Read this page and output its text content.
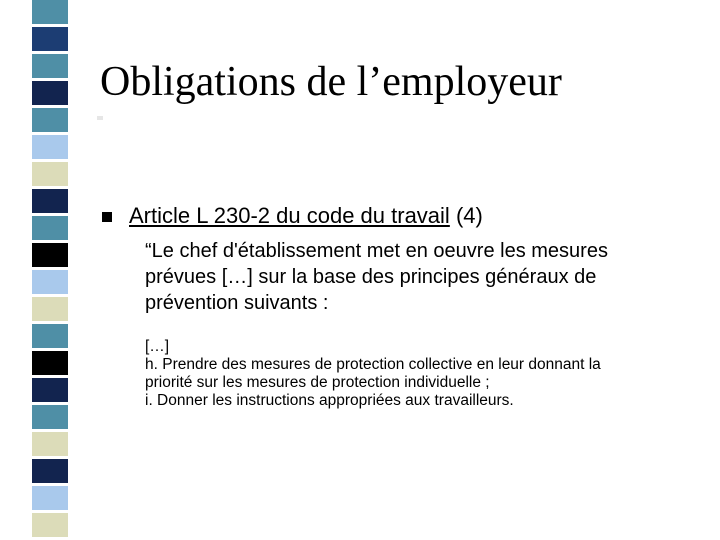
Obligations de l’employeur
Article L 230-2 du code du travail (4)
“Le chef d'établissement met en oeuvre les mesures
prévues […] sur la base des principes généraux de
prévention suivants :
[…]
h. Prendre des mesures de protection collective en leur donnant la
priorité sur les mesures de protection individuelle ;
i. Donner les instructions appropriées aux travailleurs.
